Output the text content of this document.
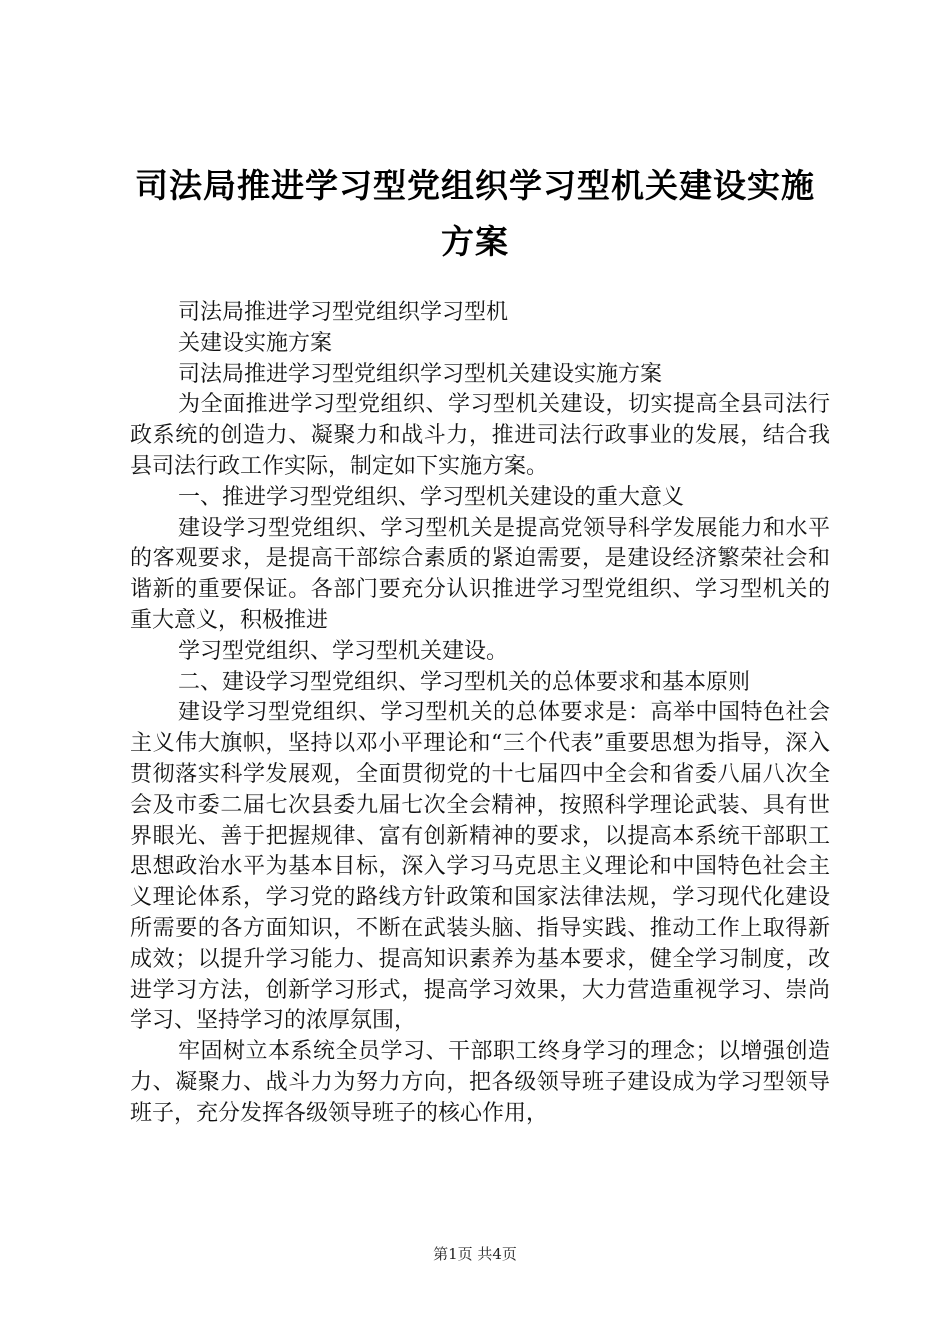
司法局推进学习型党组织学习型机关建设实施
方案

司法局推进学习型党组织学习型机

关建设实施方案

司法局推进学习型党组织学习型机关建设实施方案

为全面推进学习型党组织、学习型机关建设，切实提高全县司法行政系统的创造力、凝聚力和战斗力，推进司法行政事业的发展，结合我县司法行政工作实际，制定如下实施方案。

一、推进学习型党组织、学习型机关建设的重大意义

建设学习型党组织、学习型机关是提高党领导科学发展能力和水平的客观要求，是提高干部综合素质的紧迫需要，是建设经济繁荣社会和谐新的重要保证。各部门要充分认识推进学习型党组织、学习型机关的重大意义，积极推进

学习型党组织、学习型机关建设。

二、建设学习型党组织、学习型机关的总体要求和基本原则

建设学习型党组织、学习型机关的总体要求是：高举中国特色社会主义伟大旗帜，坚持以邓小平理论和“三个代表”重要思想为指导，深入贯彻落实科学发展观，全面贯彻党的十七届四中全会和省委八届八次全会及市委二届七次县委九届七次全会精神，按照科学理论武装、具有世界眼光、善于把握规律、富有创新精神的要求，以提高本系统干部职工思想政治水平为基本目标，深入学习马克思主义理论和中国特色社会主义理论体系，学习党的路线方针政策和国家法律法规，学习现代化建设所需要的各方面知识，不断在武装头脑、指导实践、推动工作上取得新成效；以提升学习能力、提高知识素养为基本要求，健全学习制度，改进学习方法，创新学习形式，提高学习效果，大力营造重视学习、崇尚学习、坚持学习的浓厚氛围，

牢固树立本系统全员学习、干部职工终身学习的理念；以增强创造力、凝聚力、战斗力为努力方向，把各级领导班子建设成为学习型领导班子，充分发挥各级领导班子的核心作用，

第1页 共4页
